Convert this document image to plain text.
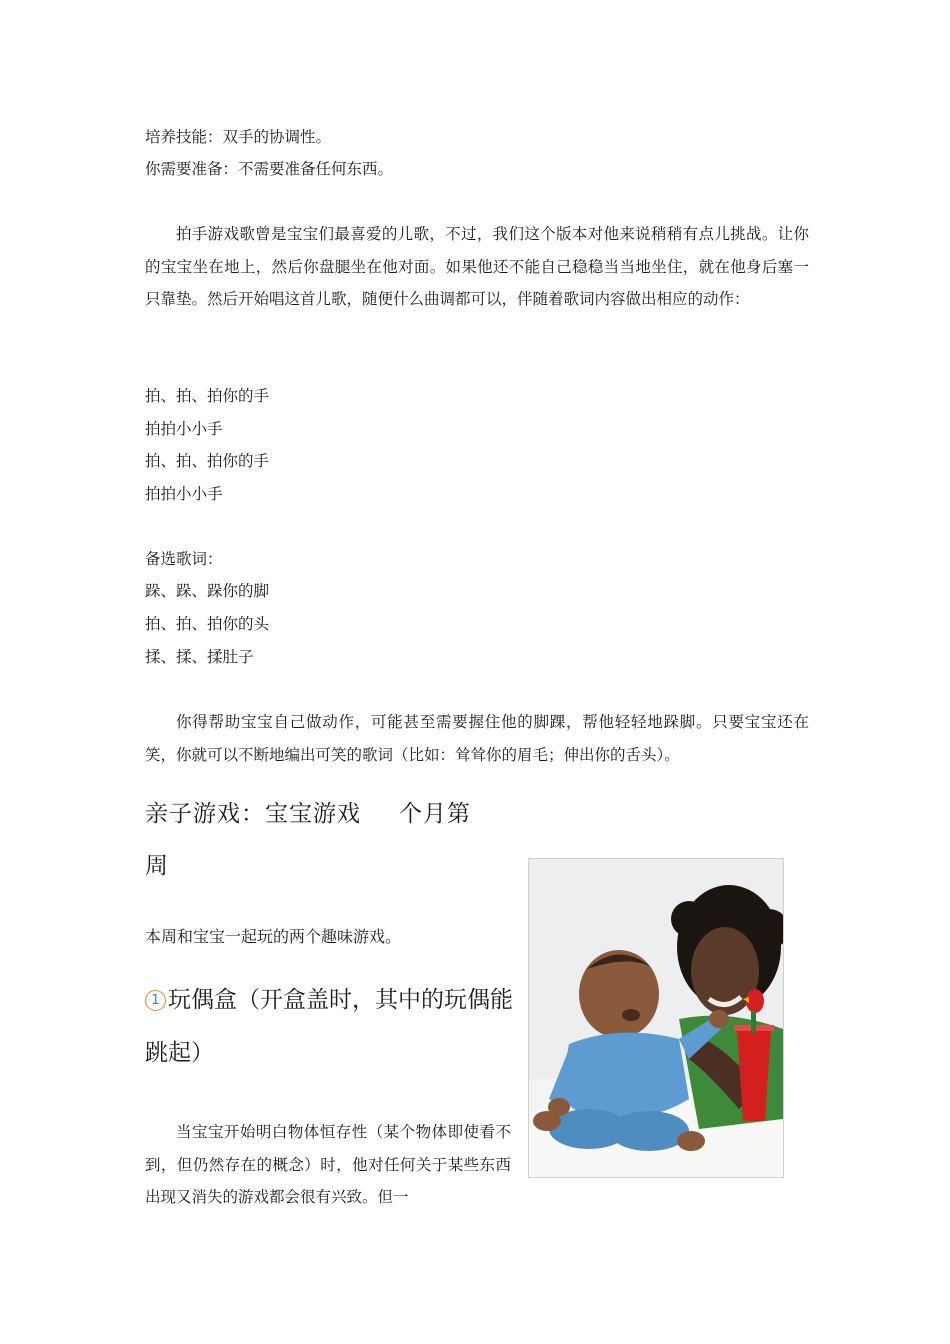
培养技能：双手的协调性。
你需要准备：不需要准备任何东西。
拍手游戏歌曾是宝宝们最喜爱的儿歌，不过，我们这个版本对他来说稍稍有点儿挑战。让你的宝宝坐在地上，然后你盘腿坐在他对面。如果他还不能自己稳稳当当地坐住，就在他身后塞一只靠垫。然后开始唱这首儿歌，随便什么曲调都可以，伴随着歌词内容做出相应的动作：
拍、拍、拍你的手
拍拍小小手
拍、拍、拍你的手
拍拍小小手
备选歌词：
跺、跺、跺你的脚
拍、拍、拍你的头
揉、揉、揉肚子
你得帮助宝宝自己做动作，可能甚至需要握住他的脚踝，帮他轻轻地跺脚。只要宝宝还在笑，你就可以不断地编出可笑的歌词（比如：耸耸你的眉毛；伸出你的舌头）。
亲子游戏：宝宝游戏 个月第
周
本周和宝宝一起玩的两个趣味游戏。
1 玩偶盒（开盒盖时，其中的玩偶能跳起）
当宝宝开始明白物体恒存性（某个物体即使看不到，但仍然存在的概念）时，他对任何关于某些东西出现又消失的游戏都会很有兴致。但一
